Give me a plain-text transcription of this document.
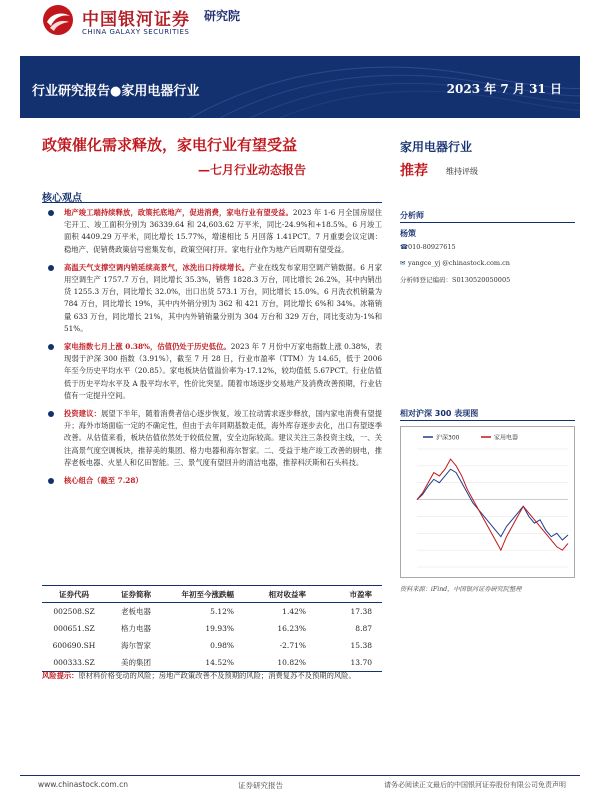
中国银河证券 研究院
CHINA GALAXY SECURITIES
行业研究报告●家用电器行业	2023 年 7 月 31 日
政策催化需求释放，家电行业有望受益
—七月行业动态报告
家用电器行业
推荐 维持评级
核心观点
地产竣工端持续释放，政策托底地产，促进消费，家电行业有望受益。2023 年 1-6 月全国房屋住宅开工、竣工面积分别为 36339.64 和 24,603.62 万平米，同比-24.9%和+18.5%。6 月竣工面积 4409.29 万平米，同比增长 15.77%，增速相比 5 月回落 1.41PCT。7 月重要会议定调：稳地产、促销费政策信号密集发布，政策空间打开。家电行业作为地产后周期有望受益。
高温天气支撑空调内销延续高景气，冰洗出口持续增长。产业在线发布家用空调产销数据。6 月家用空调生产 1757.7 万台，同比增长 35.3%，销售 1828.3 万台，同比增长 26.2%，其中内销出货 1255.3 万台，同比增长 32.0%，出口出货 573.1 万台，同比增长 15.0%。6 月洗衣机销量为 784 万台，同比增长 19%，其中内外销分别为 362 和 421 万台，同比增长 6%和 34%。冰箱销量 633 万台，同比增长 21%，其中内外销销量分别为 304 万台和 329 万台，同比变动为-1%和 51%。
家电指数七月上涨 0.38%，估值仍处于历史低位。2023 年 7 月份中万家电指数上涨 0.38%，表现弱于沪深 300 指数（3.91%），截至 7 月 28 日，行业市盈率（TTM）为 14.65，低于 2006 年至今历史平均水平（20.85）。家电板块估值溢价率为-17.12%，较均值低 5.67PCT。行业估值低于历史平均水平及 A 股平均水平，性价比突显。随着市场逐步交易地产及消费改善预期，行业估值有一定提升空间。
投资建议：展望下半年，随着消费者信心逐步恢复，竣工拉动需求逐步释放，国内家电消费有望提升；海外市场面临一定的不确定性，但由于去年同期基数走低，海外库存逐步去化，出口有望逐季改善。从估值来看，板块估值依然处于较低位置，安全边际较高。建议关注三条投资主线，一、关注高景气度空调板块，推荐美的集团、格力电器和海尔智家。二、受益于地产竣工改善的厨电，推荐老板电器、火星人和亿田智能。三、景气度有望回升的清洁电器，推荐科沃斯和石头科技。
核心组合（截至 7.28）
证券代码	证券简称	年初至今涨跌幅	相对收益率	市盈率
002508.SZ	老板电器	5.12%	1.42%	17.38
000651.SZ	格力电器	19.93%	16.23%	8.87
600690.SH	海尔智家	0.98%	-2.71%	15.38
000333.SZ	美的集团	14.52%	10.82%	13.70
风险提示：原材料价格变动的风险；房地产政策改善不及预期的风险；消费复苏不及预期的风险。
分析师
杨策
☎010-80927615
✉ yangce_yj @chinastock.com.cn
分析师登记编码：S0130520050005
相对沪深 300 表现图
沪深300	家用电器
资料来源：iFind，中国银河证券研究院整理
www.chinastock.com.cn	证券研究报告	请务必阅读正文最后的中国银河证券股份有限公司免责声明
